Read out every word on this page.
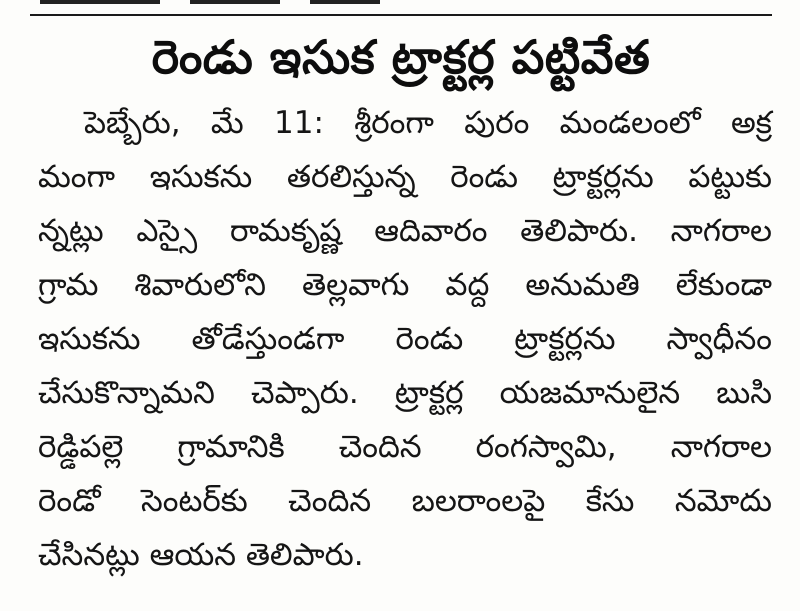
రెండు ఇసుక ట్రాక్టర్ల పట్టివేత
పెబ్బేరు, మే 11: శ్రీరంగా పురం మండలంలో అక్ర
మంగా ఇసుకను తరలిస్తున్న రెండు ట్రాక్టర్లను పట్టుకు
న్నట్లు ఎస్సై రామకృష్ణ ఆదివారం తెలిపారు. నాగరాల
గ్రామ శివారులోని తెల్లవాగు వద్ద అనుమతి లేకుండా
ఇసుకను తోడేస్తుండగా రెండు ట్రాక్టర్లను స్వాధీనం
చేసుకొన్నామని చెప్పారు. ట్రాక్టర్ల యజమానులైన బుసి
రెడ్డిపల్లె గ్రామానికి చెందిన రంగస్వామి, నాగరాల
రెండో సెంటర్‌కు చెందిన బలరాంలపై కేసు నమోదు
చేసినట్లు ఆయన తెలిపారు.
